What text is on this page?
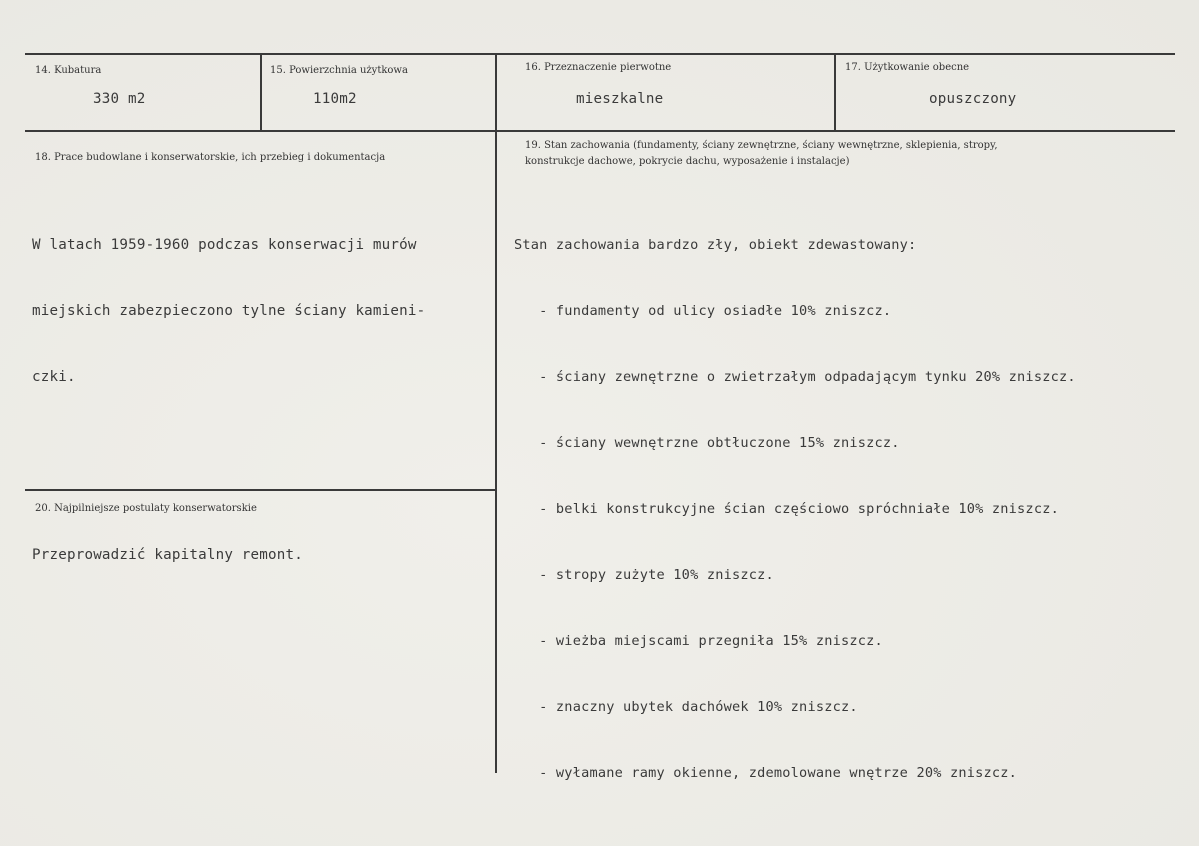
14. Kubatura
330 m2
15. Powierzchnia użytkowa
110m2
16. Przeznaczenie pierwotne
mieszkalne
17. Użytkowanie obecne
opuszczony
18. Prace budowlane i konserwatorskie, ich przebieg i dokumentacja

W latach 1959-1960 podczas konserwacji murów

miejskich zabezpieczono tylne ściany kamieni-

czki.

19. Stan zachowania (fundamenty, ściany zewnętrzne, ściany wewnętrzne, sklepienia, stropy,
konstrukcje dachowe, pokrycie dachu, wyposażenie i instalacje)

Stan zachowania bardzo zły, obiekt zdewastowany:

- fundamenty od ulicy osiadłe 10% zniszcz.

- ściany zewnętrzne o zwietrzałym odpadającym tynku 20% zniszcz.

- ściany wewnętrzne obtłuczone 15% zniszcz.

- belki konstrukcyjne ścian częściowo spróchniałe 10% zniszcz.

- stropy zużyte 10% zniszcz.

- wieżba miejscami przegniła 15% zniszcz.

- znaczny ubytek dachówek 10% zniszcz.

- wyłamane ramy okienne, zdemolowane wnętrze 20% zniszcz.

20. Najpilniejsze postulaty konserwatorskie
Przeprowadzić kapitalny remont.
